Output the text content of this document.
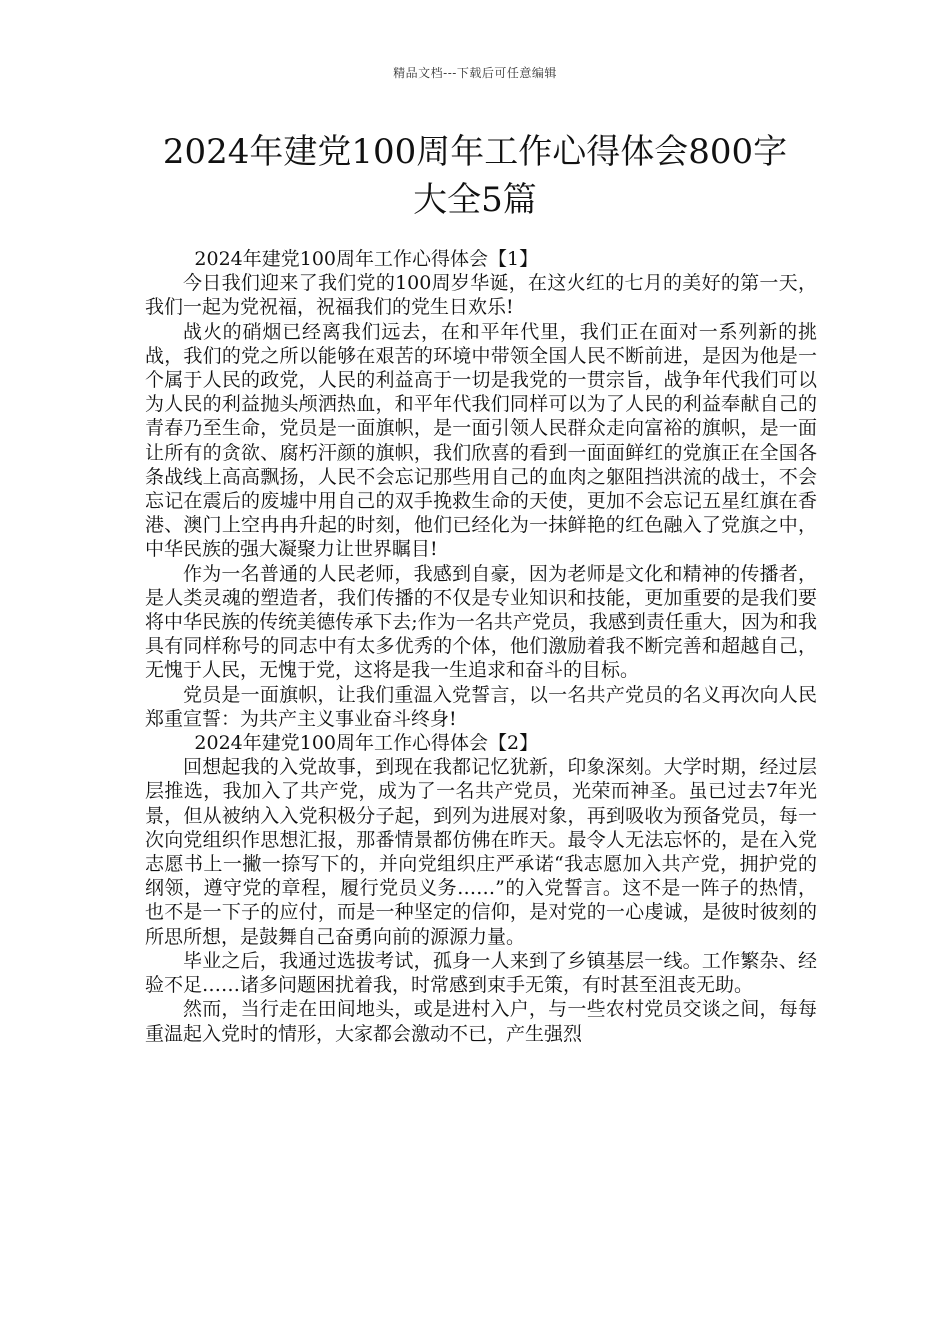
精品文档---下载后可任意编辑
2024年建党100周年工作心得体会800字
大全5篇

2024年建党100周年工作心得体会【1】

今日我们迎来了我们党的100周岁华诞，在这火红的七月的美好的第一天，我们一起为党祝福，祝福我们的党生日欢乐!

战火的硝烟已经离我们远去，在和平年代里，我们正在面对一系列新的挑战，我们的党之所以能够在艰苦的环境中带领全国人民不断前进，是因为他是一个属于人民的政党，人民的利益高于一切是我党的一贯宗旨，战争年代我们可以为人民的利益抛头颅洒热血，和平年代我们同样可以为了人民的利益奉献自己的青春乃至生命，党员是一面旗帜，是一面引领人民群众走向富裕的旗帜，是一面让所有的贪欲、腐朽汗颜的旗帜，我们欣喜的看到一面面鲜红的党旗正在全国各条战线上高高飘扬，人民不会忘记那些用自己的血肉之躯阻挡洪流的战士，不会忘记在震后的废墟中用自己的双手挽救生命的天使，更加不会忘记五星红旗在香港、澳门上空冉冉升起的时刻，他们已经化为一抹鲜艳的红色融入了党旗之中，中华民族的强大凝聚力让世界瞩目!

作为一名普通的人民老师，我感到自豪，因为老师是文化和精神的传播者，是人类灵魂的塑造者，我们传播的不仅是专业知识和技能，更加重要的是我们要将中华民族的传统美德传承下去;作为一名共产党员，我感到责任重大，因为和我具有同样称号的同志中有太多优秀的个体，他们激励着我不断完善和超越自己，无愧于人民，无愧于党，这将是我一生追求和奋斗的目标。

党员是一面旗帜，让我们重温入党誓言，以一名共产党员的名义再次向人民郑重宣誓：为共产主义事业奋斗终身!

2024年建党100周年工作心得体会【2】

回想起我的入党故事，到现在我都记忆犹新，印象深刻。大学时期，经过层层推选，我加入了共产党，成为了一名共产党员，光荣而神圣。虽已过去7年光景，但从被纳入入党积极分子起，到列为进展对象，再到吸收为预备党员，每一次向党组织作思想汇报，那番情景都仿佛在昨天。最令人无法忘怀的，是在入党志愿书上一撇一捺写下的，并向党组织庄严承诺“我志愿加入共产党，拥护党的纲领，遵守党的章程，履行党员义务……”的入党誓言。这不是一阵子的热情，也不是一下子的应付，而是一种坚定的信仰，是对党的一心虔诚，是彼时彼刻的所思所想，是鼓舞自己奋勇向前的源源力量。

毕业之后，我通过选拔考试，孤身一人来到了乡镇基层一线。工作繁杂、经验不足……诸多问题困扰着我，时常感到束手无策，有时甚至沮丧无助。

然而，当行走在田间地头，或是进村入户，与一些农村党员交谈之间，每每重温起入党时的情形，大家都会激动不已，产生强烈
